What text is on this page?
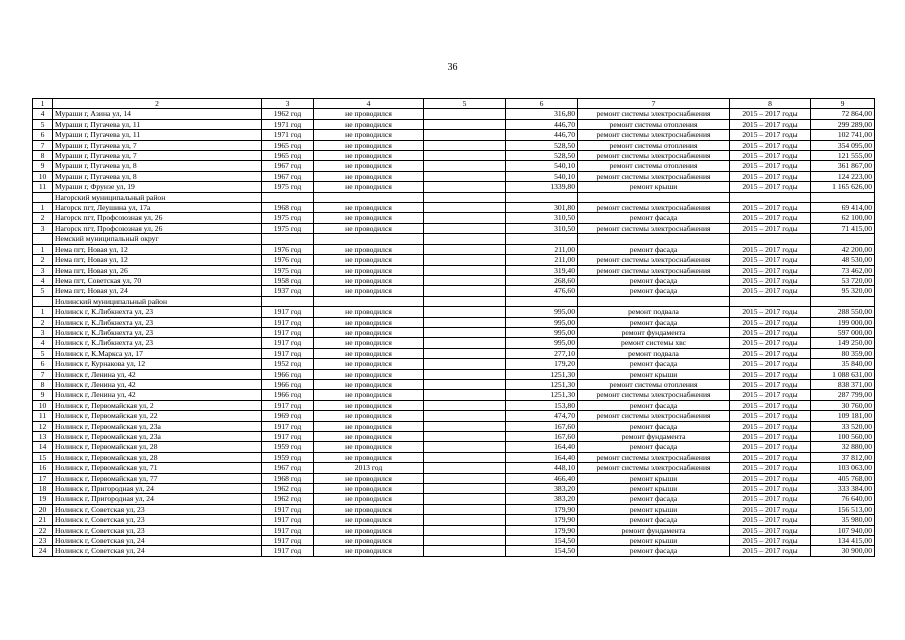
36
1	2	3	4	5	6	7	8	9
4	Мураши г, Азина ул, 14	1962 год	не проводился		316,80	ремонт системы электроснабжения	2015 – 2017 годы	72 864,00
5	Мураши г, Пугачева ул, 11	1971 год	не проводился		446,70	ремонт системы отопления	2015 – 2017 годы	299 289,00
6	Мураши г, Пугачева ул, 11	1971 год	не проводился		446,70	ремонт системы электроснабжения	2015 – 2017 годы	102 741,00
7	Мураши г, Пугачева ул, 7	1965 год	не проводился		528,50	ремонт системы отопления	2015 – 2017 годы	354 095,00
8	Мураши г, Пугачева ул, 7	1965 год	не проводился		528,50	ремонт системы электроснабжения	2015 – 2017 годы	121 555,00
9	Мураши г, Пугачева ул, 8	1967 год	не проводился		540,10	ремонт системы отопления	2015 – 2017 годы	361 867,00
10	Мураши г, Пугачева ул, 8	1967 год	не проводился		540,10	ремонт системы электроснабжения	2015 – 2017 годы	124 223,00
11	Мураши г, Фрунзе ул, 19	1975 год	не проводился		1339,80	ремонт крыши	2015 – 2017 годы	1 165 626,00
	Нагорский муниципальный район							
1	Нагорск пгт, Леушина ул, 17а	1968 год	не проводился		301,80	ремонт системы электроснабжения	2015 – 2017 годы	69 414,00
2	Нагорск пгт, Профсоюзная ул, 26	1975 год	не проводился		310,50	ремонт фасада	2015 – 2017 годы	62 100,00
3	Нагорск пгт, Профсоюзная ул, 26	1975 год	не проводился		310,50	ремонт системы электроснабжения	2015 – 2017 годы	71 415,00
	Немский муниципальный округ							
1	Нема пгт, Новая ул, 12	1976 год	не проводился		211,00	ремонт фасада	2015 – 2017 годы	42 200,00
2	Нема пгт, Новая ул, 12	1976 год	не проводился		211,00	ремонт системы электроснабжения	2015 – 2017 годы	48 530,00
3	Нема пгт, Новая ул, 26	1975 год	не проводился		319,40	ремонт системы электроснабжения	2015 – 2017 годы	73 462,00
4	Нема пгт, Советская ул, 70	1958 год	не проводился		268,60	ремонт фасада	2015 – 2017 годы	53 720,00
5	Нема пгт, Новая ул, 24	1937 год	не проводился		476,60	ремонт фасада	2015 – 2017 годы	95 320,00
	Нолинский муниципальный район							
1	Нолинск г, К.Либкнехта ул, 23	1917 год	не проводился		995,00	ремонт подвала	2015 – 2017 годы	288 550,00
2	Нолинск г, К.Либкнехта ул, 23	1917 год	не проводился		995,00	ремонт фасада	2015 – 2017 годы	199 000,00
3	Нолинск г, К.Либкнехта ул, 23	1917 год	не проводился		995,00	ремонт фундамента	2015 – 2017 годы	597 000,00
4	Нолинск г, К.Либкнехта ул, 23	1917 год	не проводился		995,00	ремонт системы хвс	2015 – 2017 годы	149 250,00
5	Нолинск г, К.Маркса ул, 17	1917 год	не проводился		277,10	ремонт подвала	2015 – 2017 годы	80 359,00
6	Нолинск г, Курнакова ул, 12	1952 год	не проводился		179,20	ремонт фасада	2015 – 2017 годы	35 840,00
7	Нолинск г, Ленина ул, 42	1966 год	не проводился		1251,30	ремонт крыши	2015 – 2017 годы	1 088 631,00
8	Нолинск г, Ленина ул, 42	1966 год	не проводился		1251,30	ремонт системы отопления	2015 – 2017 годы	838 371,00
9	Нолинск г, Ленина ул, 42	1966 год	не проводился		1251,30	ремонт системы электроснабжения	2015 – 2017 годы	287 799,00
10	Нолинск г, Первомайская ул, 2	1917 год	не проводился		153,80	ремонт фасада	2015 – 2017 годы	30 760,00
11	Нолинск г, Первомайская ул, 22	1969 год	не проводился		474,70	ремонт системы электроснабжения	2015 – 2017 годы	109 181,00
12	Нолинск г, Первомайская ул, 23а	1917 год	не проводился		167,60	ремонт фасада	2015 – 2017 годы	33 520,00
13	Нолинск г, Первомайская ул, 23а	1917 год	не проводился		167,60	ремонт фундамента	2015 – 2017 годы	100 560,00
14	Нолинск г, Первомайская ул, 28	1959 год	не проводился		164,40	ремонт фасада	2015 – 2017 годы	32 880,00
15	Нолинск г, Первомайская ул, 28	1959 год	не проводился		164,40	ремонт системы электроснабжения	2015 – 2017 годы	37 812,00
16	Нолинск г, Первомайская ул, 71	1967 год	2013 год		448,10	ремонт системы электроснабжения	2015 – 2017 годы	103 063,00
17	Нолинск г, Первомайская ул, 77	1968 год	не проводился		466,40	ремонт крыши	2015 – 2017 годы	405 768,00
18	Нолинск г, Пригородная ул, 24	1962 год	не проводился		383,20	ремонт крыши	2015 – 2017 годы	333 384,00
19	Нолинск г, Пригородная ул, 24	1962 год	не проводился		383,20	ремонт фасада	2015 – 2017 годы	76 640,00
20	Нолинск г, Советская ул, 23	1917 год	не проводился		179,90	ремонт крыши	2015 – 2017 годы	156 513,00
21	Нолинск г, Советская ул, 23	1917 год	не проводился		179,90	ремонт фасада	2015 – 2017 годы	35 980,00
22	Нолинск г, Советская ул, 23	1917 год	не проводился		179,90	ремонт фундамента	2015 – 2017 годы	107 940,00
23	Нолинск г, Советская ул, 24	1917 год	не проводился		154,50	ремонт крыши	2015 – 2017 годы	134 415,00
24	Нолинск г, Советская ул, 24	1917 год	не проводился		154,50	ремонт фасада	2015 – 2017 годы	30 900,00
